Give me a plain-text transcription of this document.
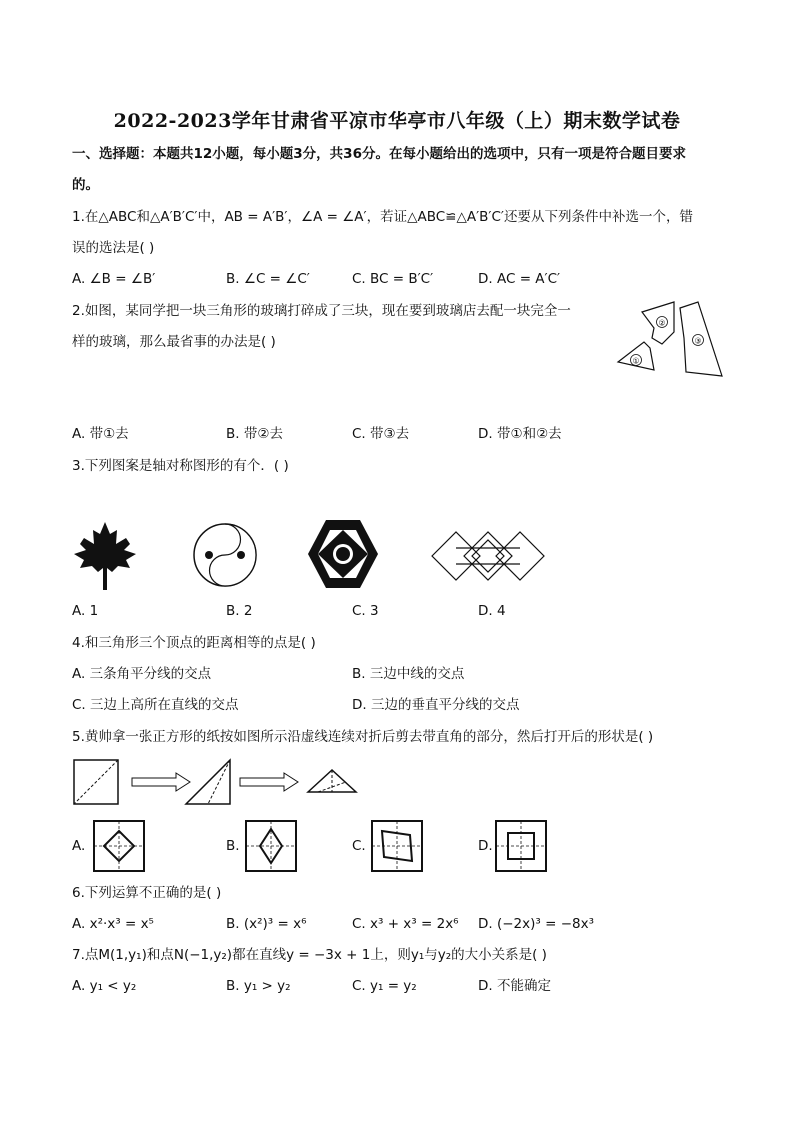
2022-2023学年甘肃省平凉市华亭市八年级（上）期末数学试卷
一、选择题：本题共12小题，每小题3分，共36分。在每小题给出的选项中，只有一项是符合题目要求
的。
1.在△ABC和△A′B′C′中，AB = A′B′，∠A = ∠A′，若证△ABC≌△A′B′C′还要从下列条件中补选一个，错
误的选法是( )
A. ∠B = ∠B′	B. ∠C = ∠C′	C. BC = B′C′	D. AC = A′C′
2.如图，某同学把一块三角形的玻璃打碎成了三块，现在要到玻璃店去配一块完全一
样的玻璃，那么最省事的办法是( )
①
②
③
A. 带①去	B. 带②去	C. 带③去	D. 带①和②去
3.下列图案是轴对称图形的有个．( )
A. 1	B. 2	C. 3	D. 4
4.和三角形三个顶点的距离相等的点是( )
A. 三条角平分线的交点	B. 三边中线的交点
C. 三边上高所在直线的交点	D. 三边的垂直平分线的交点
5.黄帅拿一张正方形的纸按如图所示沿虚线连续对折后剪去带直角的部分，然后打开后的形状是( )
A.	B.	C.	D.
6.下列运算不正确的是( )
A. x²·x³ = x⁵	B. (x²)³ = x⁶	C. x³ + x³ = 2x⁶ D. (−2x)³ = −8x³
7.点M(1,y₁)和点N(−1,y₂)都在直线y = −3x + 1上，则y₁与y₂的大小关系是( )
A. y₁ < y₂	B. y₁ > y₂	C. y₁ = y₂	D. 不能确定
